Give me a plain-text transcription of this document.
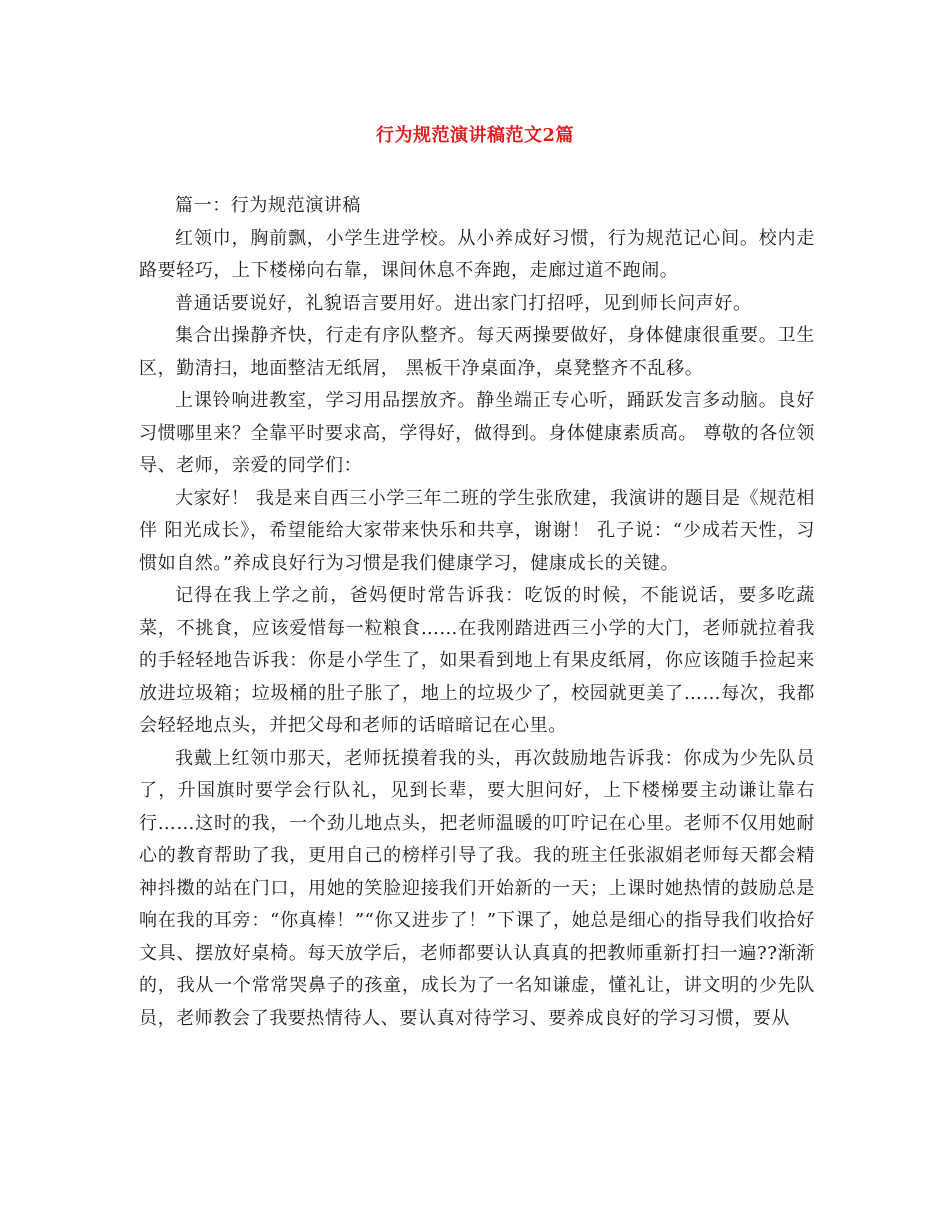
行为规范演讲稿范文2篇

篇一：行为规范演讲稿

红领巾，胸前飘，小学生进学校。从小养成好习惯，行为规范记心间。校内走路要轻巧，上下楼梯向右靠，课间休息不奔跑，走廊过道不跑闹。

普通话要说好，礼貌语言要用好。进出家门打招呼，见到师长问声好。

集合出操静齐快，行走有序队整齐。每天两操要做好，身体健康很重要。卫生区，勤清扫，地面整洁无纸屑， 黑板干净桌面净，桌凳整齐不乱移。

上课铃响进教室，学习用品摆放齐。静坐端正专心听，踊跃发言多动脑。良好习惯哪里来？全靠平时要求高，学得好，做得到。身体健康素质高。 尊敬的各位领导、老师，亲爱的同学们：

大家好！ 我是来自西三小学三年二班的学生张欣建，我演讲的题目是《规范相伴 阳光成长》，希望能给大家带来快乐和共享，谢谢！ 孔子说：“少成若天性，习惯如自然。”养成良好行为习惯是我们健康学习，健康成长的关键。

记得在我上学之前，爸妈便时常告诉我：吃饭的时候，不能说话，要多吃蔬菜，不挑食，应该爱惜每一粒粮食……在我刚踏进西三小学的大门，老师就拉着我的手轻轻地告诉我：你是小学生了，如果看到地上有果皮纸屑，你应该随手捡起来放进垃圾箱；垃圾桶的肚子胀了，地上的垃圾少了，校园就更美了……每次，我都会轻轻地点头，并把父母和老师的话暗暗记在心里。

我戴上红领巾那天，老师抚摸着我的头，再次鼓励地告诉我：你成为少先队员了，升国旗时要学会行队礼，见到长辈，要大胆问好，上下楼梯要主动谦让靠右行……这时的我，一个劲儿地点头，把老师温暖的叮咛记在心里。老师不仅用她耐心的教育帮助了我，更用自己的榜样引导了我。我的班主任张淑娟老师每天都会精神抖擞的站在门口，用她的笑脸迎接我们开始新的一天；上课时她热情的鼓励总是响在我的耳旁：“你真棒！”“你又进步了！”下课了，她总是细心的指导我们收拾好文具、摆放好桌椅。每天放学后，老师都要认认真真的把教师重新打扫一遍??渐渐的，我从一个常常哭鼻子的孩童，成长为了一名知谦虚，懂礼让，讲文明的少先队员，老师教会了我要热情待人、要认真对待学习、要养成良好的学习习惯，要从
